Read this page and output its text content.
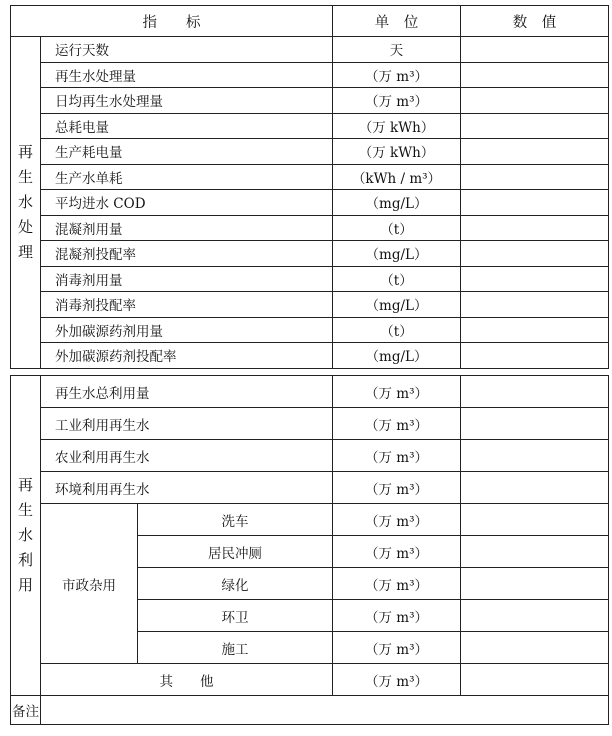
指　　标		单　位	数　值

再
生
水
处
理	运行天数	天	
	再生水处理量	（万 m³）	
	日均再生水处理量	（万 m³）	
	总耗电量	（万 kWh）	
	生产耗电量	（万 kWh）	
	生产水单耗	（kWh / m³）	
	平均进水 COD	（mg/L）	
	混凝剂用量	（t）	
	混凝剂投配率	（mg/L）	
	消毒剂用量	（t）	
	消毒剂投配率	（mg/L）	
	外加碳源药剂用量	（t）	
	外加碳源药剂投配率	（mg/L）	
再
生
水
利
用	再生水总利用量		（万 m³）	
	工业利用再生水		（万 m³）	
	农业利用再生水		（万 m³）	
	环境利用再生水		（万 m³）	
	市政杂用	洗车	（万 m³）	
		居民冲厕	（万 m³）	
		绿化	（万 m³）	
		环卫	（万 m³）	
		施工	（万 m³）	
	其　　他		（万 m³）	
备注				
